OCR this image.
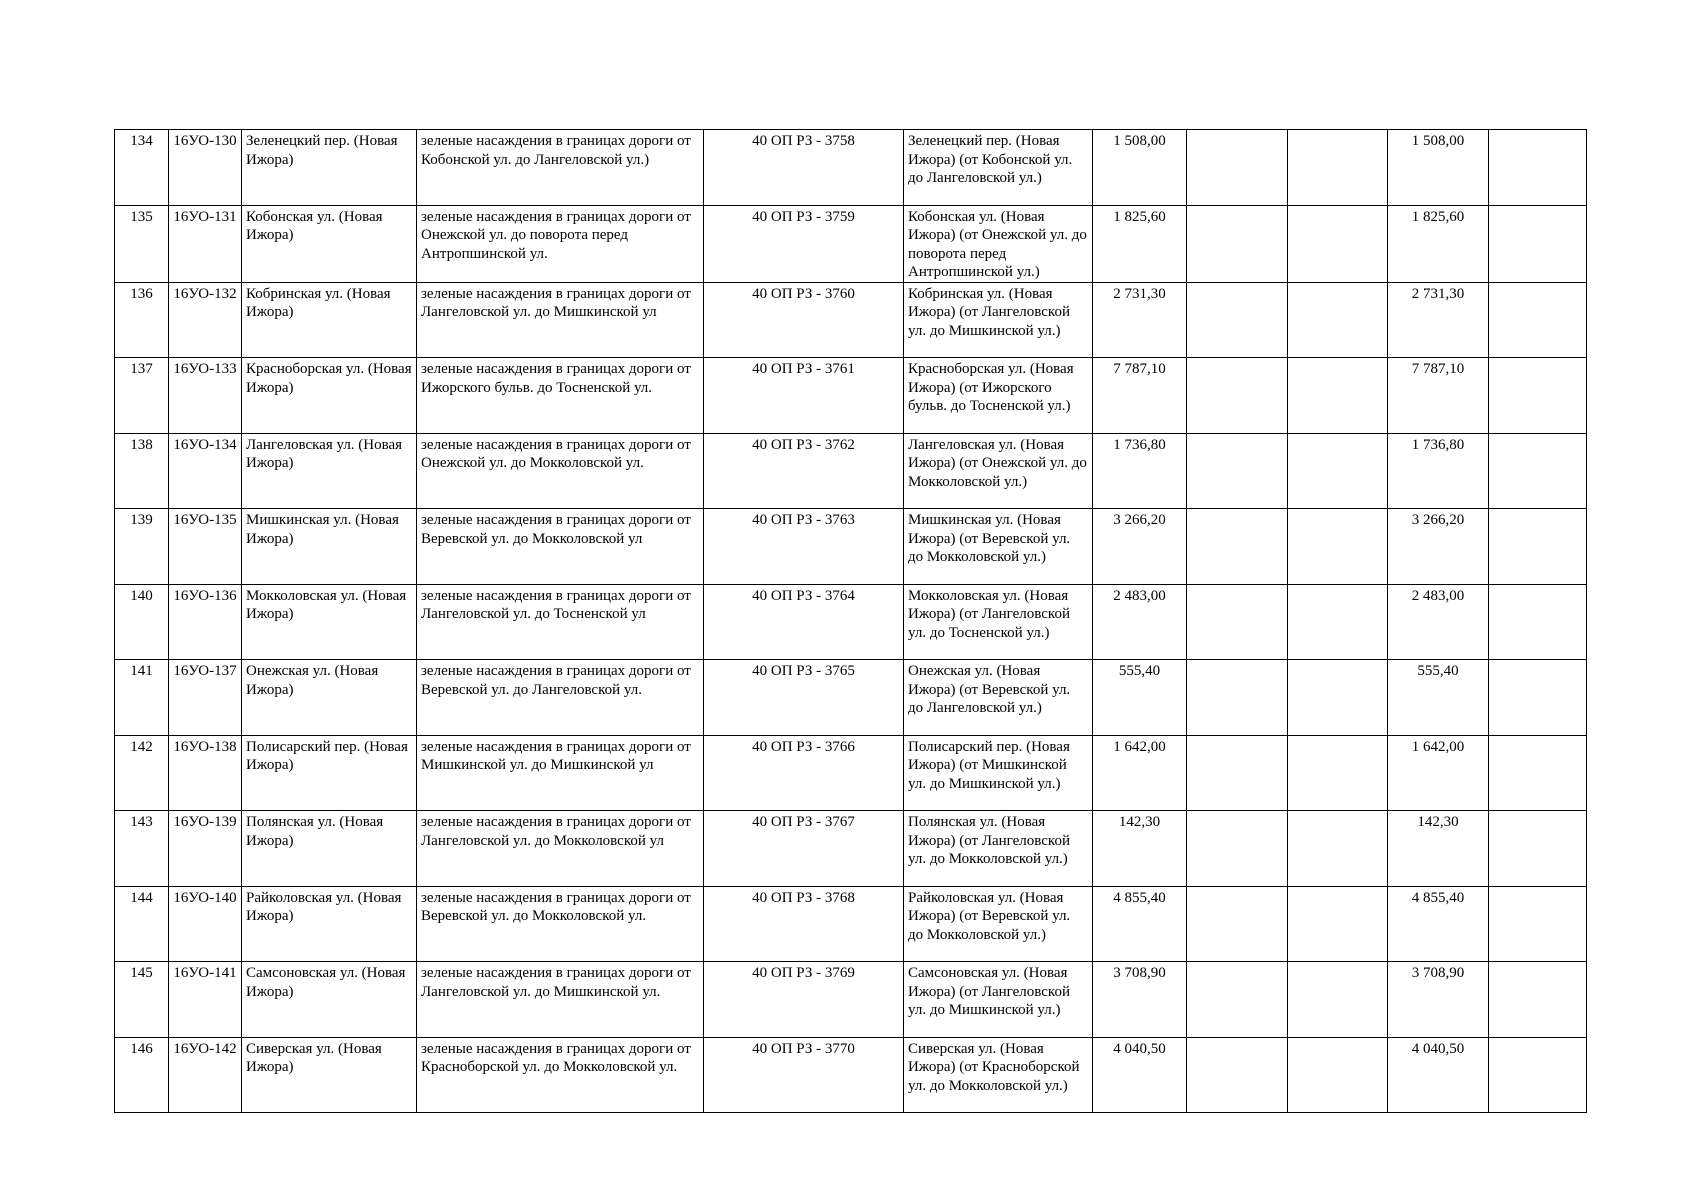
134	16УО-130	Зеленецкий пер. (Новая Ижора)	зеленые насаждения в границах дороги от Кобонской ул. до Лангеловской ул.)	40 ОП РЗ - 3758	Зеленецкий пер. (Новая Ижора) (от Кобонской ул. до Лангеловской ул.)	1 508,00			1 508,00	
135	16УО-131	Кобонская ул. (Новая Ижора)	зеленые насаждения в границах дороги от Онежской ул. до поворота перед Антропшинской ул.	40 ОП РЗ - 3759	Кобонская ул. (Новая Ижора) (от Онежской ул. до поворота перед Антропшинской ул.)	1 825,60			1 825,60	
136	16УО-132	Кобринская ул. (Новая Ижора)	зеленые насаждения в границах дороги от Лангеловской ул. до Мишкинской ул	40 ОП РЗ - 3760	Кобринская ул. (Новая Ижора) (от Лангеловской ул. до Мишкинской ул.)	2 731,30			2 731,30	
137	16УО-133	Красноборская ул. (Новая Ижора)	зеленые насаждения в границах дороги от Ижорского бульв. до Тосненской ул.	40 ОП РЗ - 3761	Красноборская ул. (Новая Ижора) (от Ижорского бульв. до Тосненской ул.)	7 787,10			7 787,10	
138	16УО-134	Лангеловская ул. (Новая Ижора)	зеленые насаждения в границах дороги от Онежской ул. до Мокколовской ул.	40 ОП РЗ - 3762	Лангеловская ул. (Новая Ижора) (от Онежской ул. до Мокколовской ул.)	1 736,80			1 736,80	
139	16УО-135	Мишкинская ул. (Новая Ижора)	зеленые насаждения в границах дороги от Веревской ул. до Мокколовской ул	40 ОП РЗ - 3763	Мишкинская ул. (Новая Ижора) (от Веревской ул. до Мокколовской ул.)	3 266,20			3 266,20	
140	16УО-136	Мокколовская ул. (Новая Ижора)	зеленые насаждения в границах дороги от Лангеловской ул. до Тосненской ул	40 ОП РЗ - 3764	Мокколовская ул. (Новая Ижора) (от Лангеловской ул. до Тосненской ул.)	2 483,00			2 483,00	
141	16УО-137	Онежская ул. (Новая Ижора)	зеленые насаждения в границах дороги от Веревской ул. до Лангеловской ул.	40 ОП РЗ - 3765	Онежская ул. (Новая Ижора) (от Веревской ул. до Лангеловской ул.)	555,40			555,40	
142	16УО-138	Полисарский пер. (Новая Ижора)	зеленые насаждения в границах дороги от Мишкинской ул. до Мишкинской ул	40 ОП РЗ - 3766	Полисарский пер. (Новая Ижора) (от Мишкинской ул. до Мишкинской ул.)	1 642,00			1 642,00	
143	16УО-139	Полянская ул. (Новая Ижора)	зеленые насаждения в границах дороги от Лангеловской ул. до Мокколовской ул	40 ОП РЗ - 3767	Полянская ул. (Новая Ижора) (от Лангеловской ул. до Мокколовской ул.)	142,30			142,30	
144	16УО-140	Райколовская ул. (Новая Ижора)	зеленые насаждения в границах дороги от Веревской ул. до Мокколовской ул.	40 ОП РЗ - 3768	Райколовская ул. (Новая Ижора) (от Веревской ул. до Мокколовской ул.)	4 855,40			4 855,40	
145	16УО-141	Самсоновская ул. (Новая Ижора)	зеленые насаждения в границах дороги от Лангеловской ул. до Мишкинской ул.	40 ОП РЗ - 3769	Самсоновская ул. (Новая Ижора) (от Лангеловской ул. до Мишкинской ул.)	3 708,90			3 708,90	
146	16УО-142	Сиверская ул. (Новая Ижора)	зеленые насаждения в границах дороги от Красноборской ул. до Мокколовской ул.	40 ОП РЗ - 3770	Сиверская ул. (Новая Ижора) (от Красноборской ул. до Мокколовской ул.)	4 040,50			4 040,50	
